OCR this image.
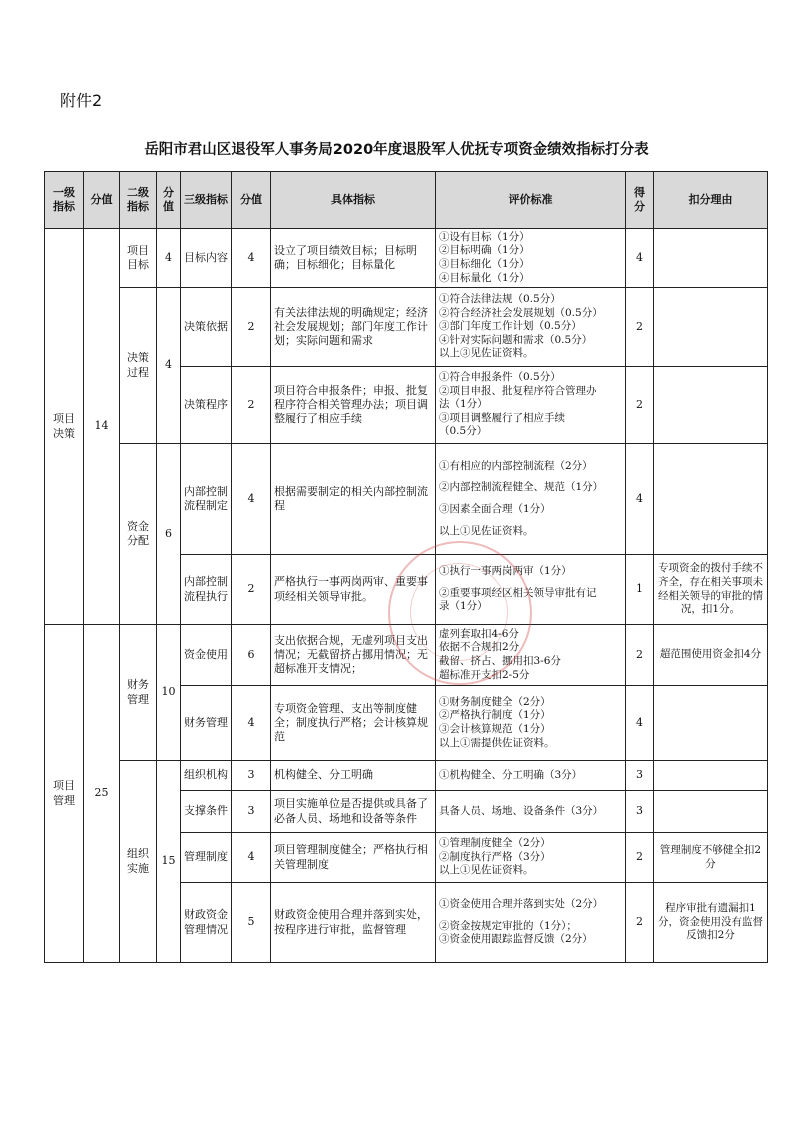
附件2
岳阳市君山区退役军人事务局2020年度退股军人优抚专项资金绩效指标打分表
一级指标	分值	二级指标	分值	三级指标	分值	具体指标	评价标准	得分	扣分理由
项目决策	14	项目目标	4	目标内容	4	设立了项目绩效目标；目标明确；目标细化；目标量化	①设有目标（1分）
②目标明确（1分）
③目标细化（1分）
④目标量化（1分）	4	
		决策过程	4	决策依据	2	有关法律法规的明确规定；经济社会发展规划；部门年度工作计划；实际问题和需求	①符合法律法规（0.5分）
②符合经济社会发展规划（0.5分）
③部门年度工作计划（0.5分）
④针对实际问题和需求（0.5分）
以上③见佐证资料。	2	
				决策程序	2	项目符合申报条件；申报、批复程序符合相关管理办法；项目调整履行了相应手续	①符合申报条件（0.5分）
②项目申报、批复程序符合管理办
法（1分）
③项目调整履行了相应手续
（0.5分）	2	
		资金分配	6	内部控制流程制定	4	根据需要制定的相关内部控制流程	①有相应的内部控制流程（2分）
②内部控制流程健全、规范（1分）
③因素全面合理（1分）
以上①见佐证资料。	4	
				内部控制流程执行	2	严格执行一事两岗两审、重要事项经相关领导审批。	①执行一事两岗两审（1分）
②重要事项经区相关领导审批有记
录（1分）	1	专项资金的拨付手续不齐全，存在相关事项未经相关领导的审批的情况，扣1分。
项目管理	25	财务管理	10	资金使用	6	支出依据合规，无虚列项目支出情况；无截留挤占挪用情况；无超标准开支情况；	虚列套取扣4-6分
依据不合规扣2分
截留、挤占、挪用扣3-6分
超标准开支扣2-5分	2	超范围使用资金扣4分
				财务管理	4	专项资金管理、支出等制度健全；制度执行严格；会计核算规范	①财务制度健全（2分）
②严格执行制度（1分）
③会计核算规范（1分）
以上①需提供佐证资料。	4	
		组织实施	15	组织机构	3	机构健全、分工明确	①机构健全、分工明确（3分）	3	
				支撑条件	3	项目实施单位是否提供或具备了必备人员、场地和设备等条件	具备人员、场地、设备条件（3分）	3	
				管理制度	4	项目管理制度健全；严格执行相关管理制度	①管理制度健全（2分）
②制度执行严格（3分）
以上①见佐证资料。	2	管理制度不够健全扣2分
				财政资金管理情况	5	财政资金使用合理并落到实处，按程序进行审批，监督管理	①资金使用合理并落到实处（2分）
②资金按规定审批的（1分）；
③资金使用跟踪监督反馈（2分）	2	程序审批有遗漏扣1分，资金使用没有监督反馈扣2分
